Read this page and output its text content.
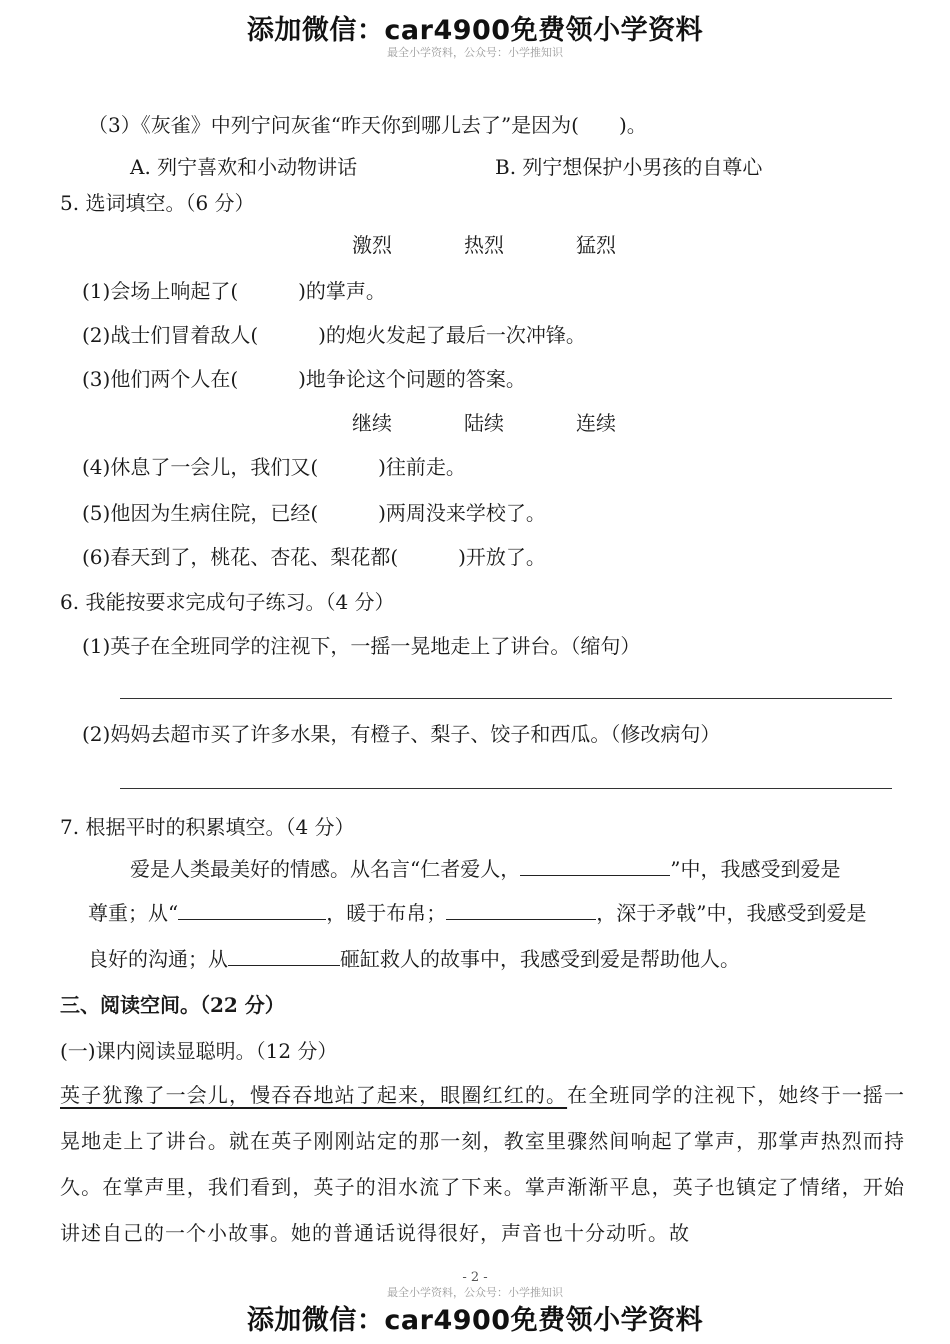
添加微信：car4900免费领小学资料
最全小学资料，公众号：小学推知识
（3）《灰雀》中列宁问灰雀“昨天你到哪儿去了”是因为(　　)。
A. 列宁喜欢和小动物讲话	B. 列宁想保护小男孩的自尊心
5. 选词填空。（6 分）
激烈	热烈	猛烈
(1)会场上响起了(　　　)的掌声。
(2)战士们冒着敌人(　　　)的炮火发起了最后一次冲锋。
(3)他们两个人在(　　　)地争论这个问题的答案。
继续	陆续	连续
(4)休息了一会儿，我们又(　　　)往前走。
(5)他因为生病住院，已经(　　　)两周没来学校了。
(6)春天到了，桃花、杏花、梨花都(　　　)开放了。
6. 我能按要求完成句子练习。（4 分）
(1)英子在全班同学的注视下，一摇一晃地走上了讲台。（缩句）
(2)妈妈去超市买了许多水果，有橙子、梨子、饺子和西瓜。（修改病句）
7. 根据平时的积累填空。（4 分）
爱是人类最美好的情感。从名言“仁者爱人，	”中，我感受到爱是
尊重；从“	，暖于布帛；	，深于矛戟”中，我感受到爱是
良好的沟通；从	砸缸救人的故事中，我感受到爱是帮助他人。
三、阅读空间。（22 分）
(一)课内阅读显聪明。（12 分）
英子犹豫了一会儿，慢吞吞地站了起来，眼圈红红的。在全班同学的注视下，她终于一摇一晃地走上了讲台。就在英子刚刚站定的那一刻，教室里骤然间响起了掌声，那掌声热烈而持久。在掌声里，我们看到，英子的泪水流了下来。掌声渐渐平息，英子也镇定了情绪，开始讲述自己的一个小故事。她的普通话说得很好，声音也十分动听。故
- 2 -
最全小学资料，公众号：小学推知识
添加微信：car4900免费领小学资料
